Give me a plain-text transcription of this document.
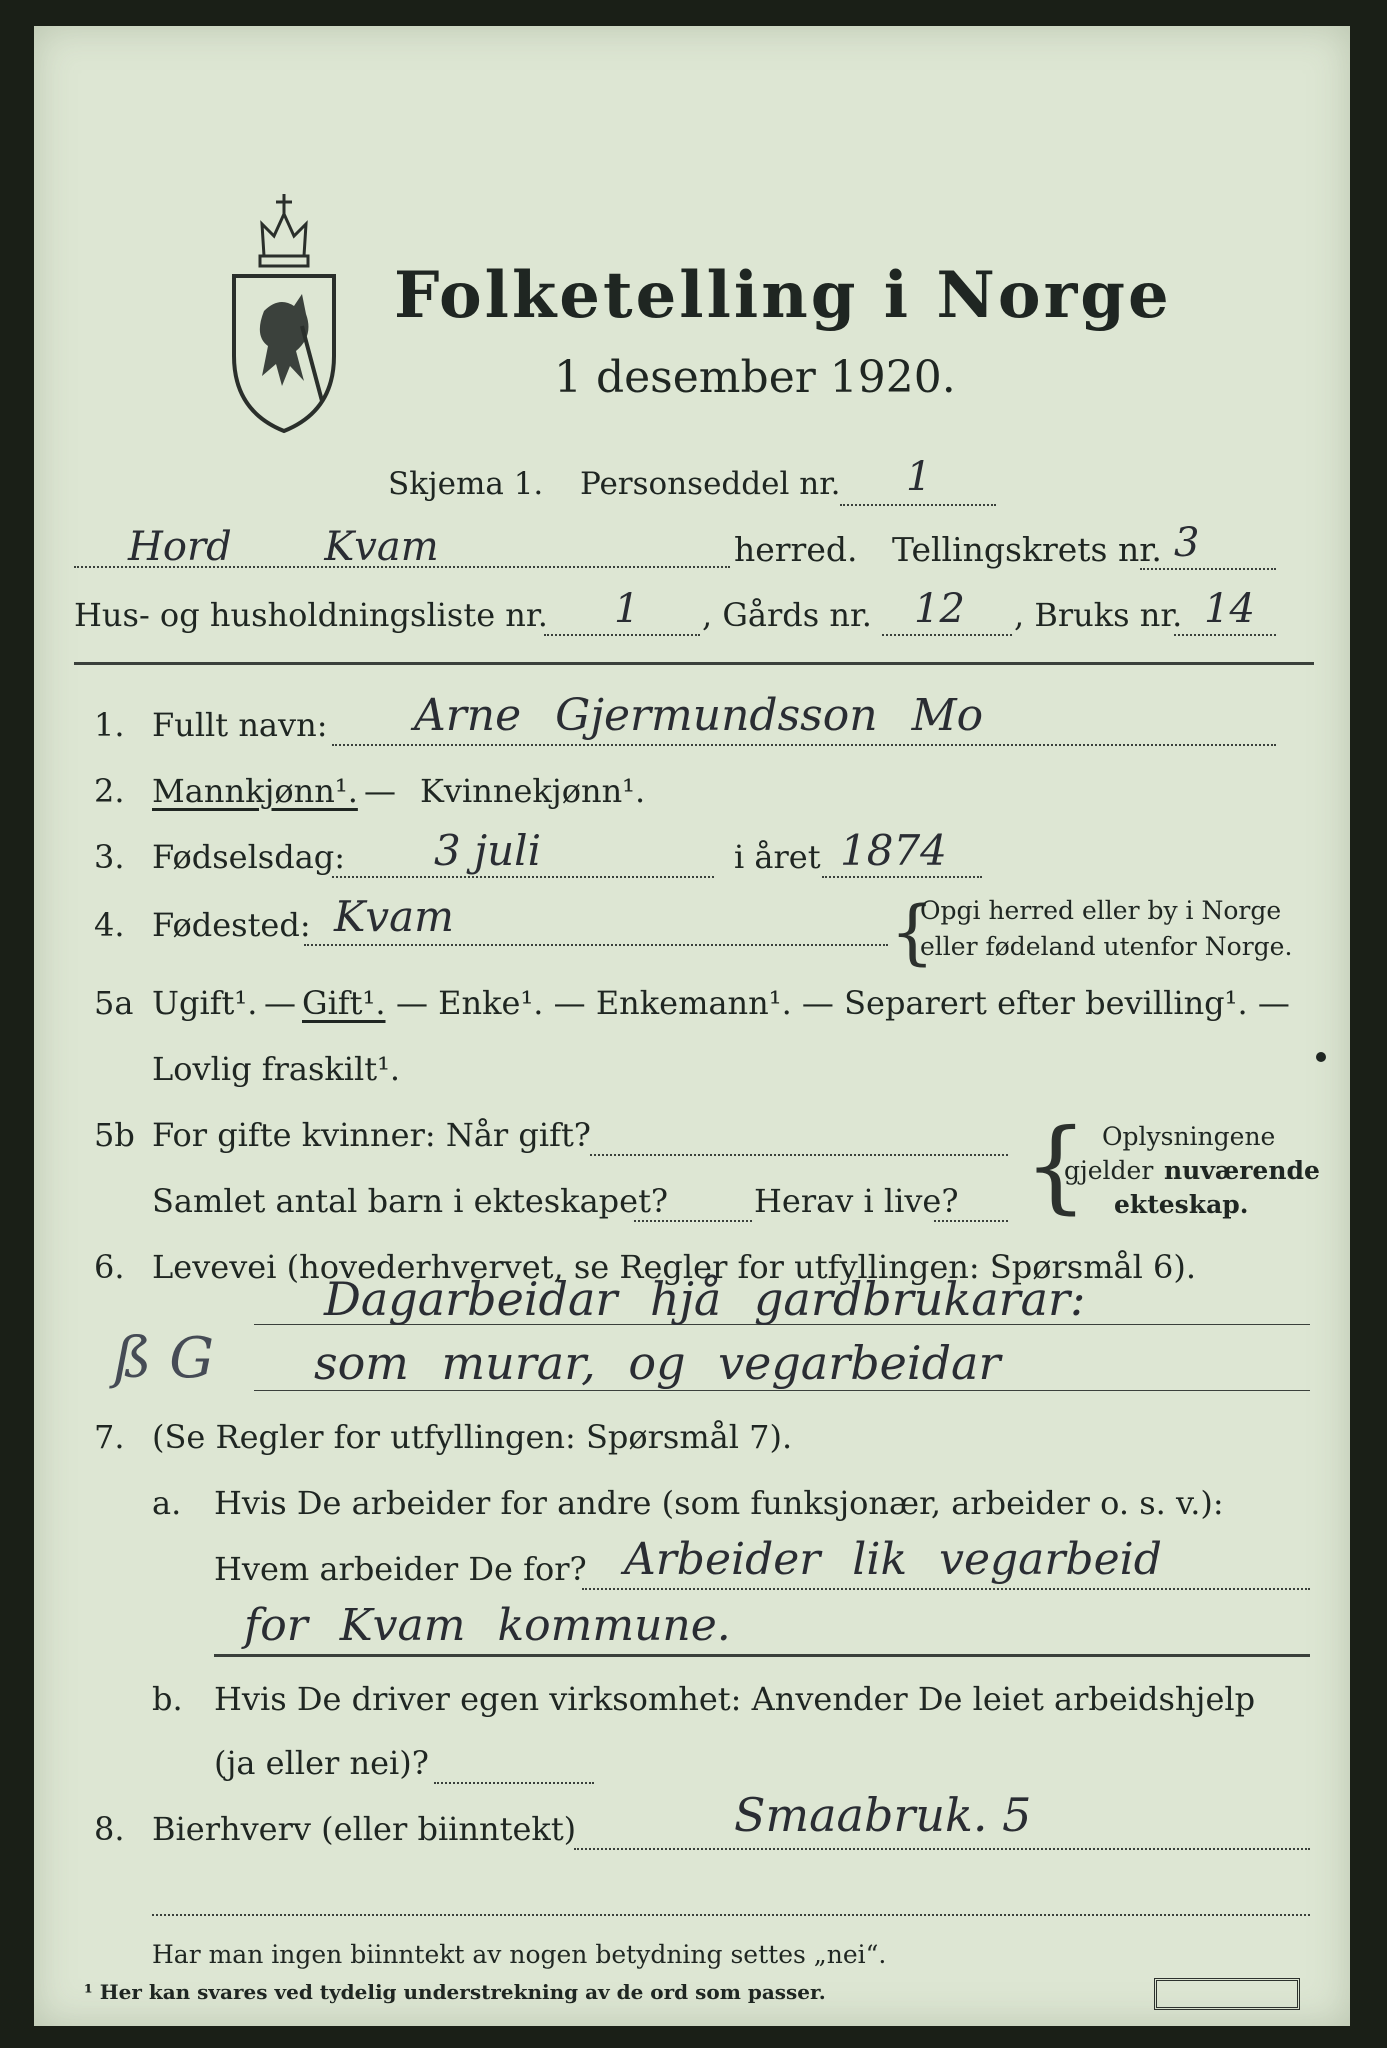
Folketelling i Norge
1 desember 1920.
Skjema 1. Personseddel nr. 1
Hord Kvam	herred. Tellingskrets nr. 3
Hus- og husholdningsliste nr. 1 , Gårds nr. 12 , Bruks nr. 14
1. Fullt navn: Arne Gjermundsson Mo
2. Mannkjønn¹. — Kvinnekjønn¹.
3. Fødselsdag: 3 juli	i året 1874
4. Fødested: Kvam	{
Opgi herred eller by i Norge
eller fødeland utenfor Norge.
5a Ugift¹. — Gift¹. — Enke¹. — Enkemann¹. — Separert efter bevilling¹. —
Lovlig fraskilt¹.
5b For gifte kvinner: Når gift?
Samlet antal barn i ekteskapet?	Herav i live? { Oplysningene
gjelder nuværende
ekteskap.
6. Levevei (hovederhvervet, se Regler for utfyllingen: Spørsmål 6).
ß G
Dagarbeidar hjå gardbrukarar:
som murar, og vegarbeidar
7. (Se Regler for utfyllingen: Spørsmål 7).
a. Hvis De arbeider for andre (som funksjonær, arbeider o. s. v.):
Hvem arbeider De for? Arbeider lik vegarbeid
for Kvam kommune.
b. Hvis De driver egen virksomhet: Anvender De leiet arbeidshjelp
(ja eller nei)?
8. Bierhverv (eller biinntekt)	Smaabruk. 5
Har man ingen biinntekt av nogen betydning settes „nei“.
¹ Her kan svares ved tydelig understrekning av de ord som passer.
